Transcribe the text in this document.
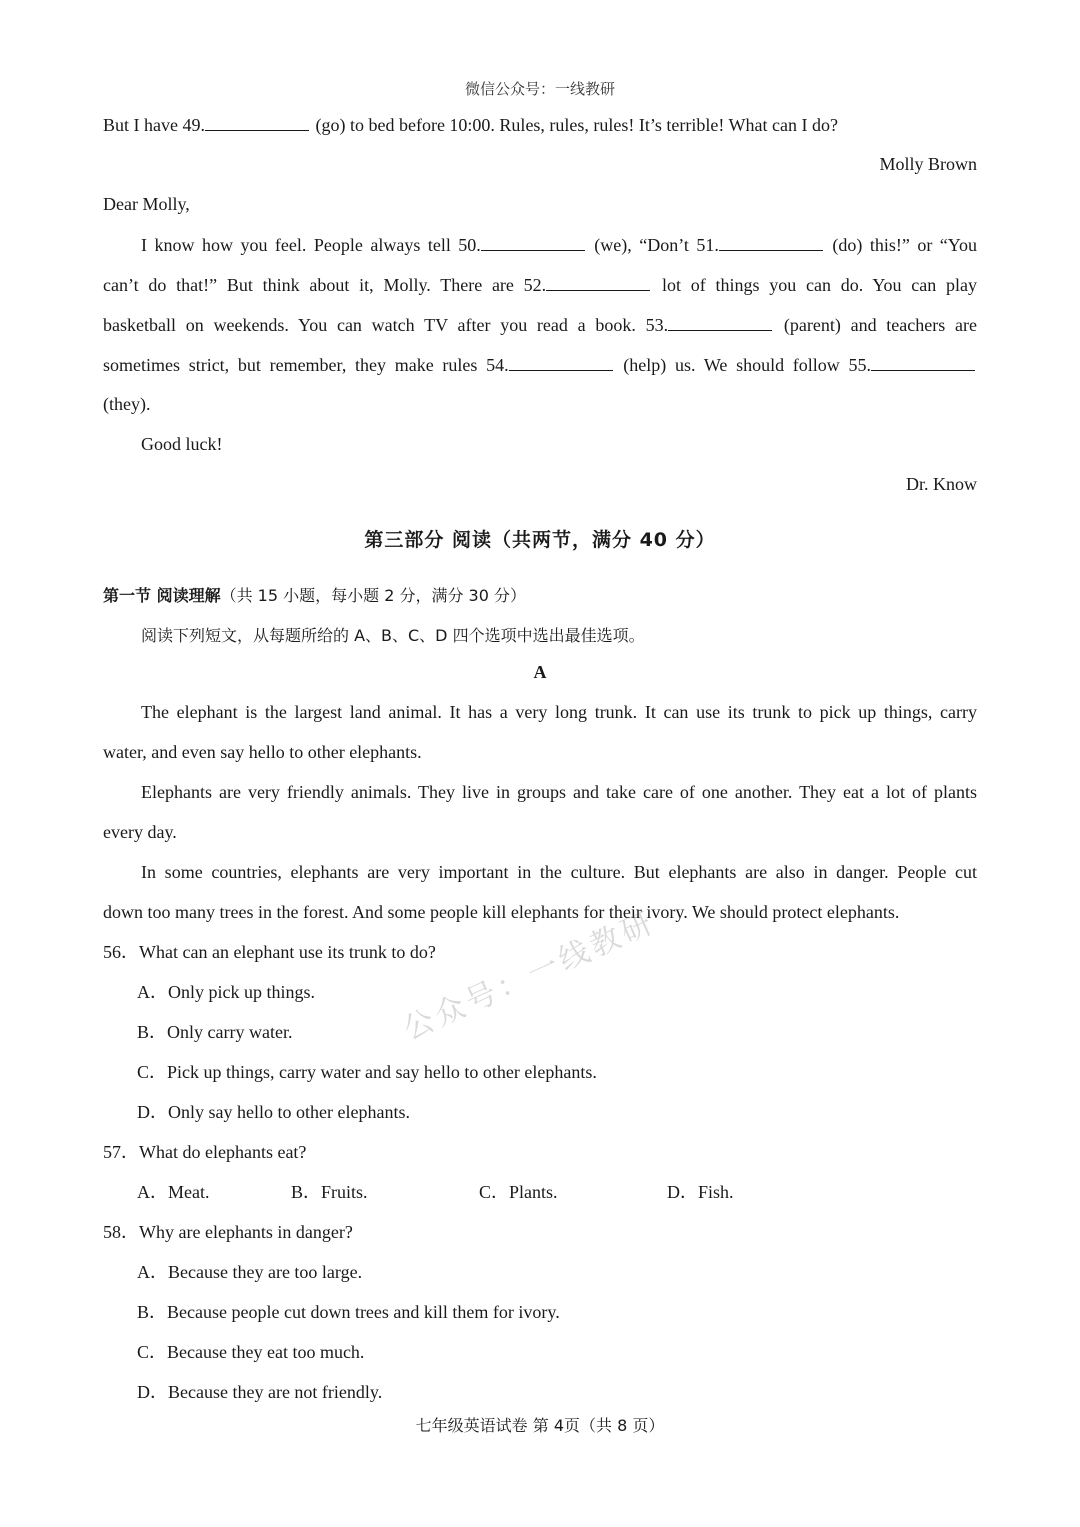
微信公众号：一线教研
But I have 49.	(go) to bed before 10:00. Rules, rules, rules! It’s terrible! What can I do?
Molly Brown
Dear Molly,
I know how you feel. People always tell 50.	(we), “Don’t 51.	(do) this!” or “You
can’t do that!” But think about it, Molly. There are 52.	lot of things you can do. You can play
basketball on weekends. You can watch TV after you read a book. 53.	(parent) and teachers are
sometimes strict, but remember, they make rules 54.	(help) us. We should follow 55.
(they).
Good luck!
Dr. Know
第三部分 阅读（共两节，满分 40 分）
第一节 阅读理解（共 15 小题，每小题 2 分，满分 30 分）
阅读下列短文，从每题所给的 A、B、C、D 四个选项中选出最佳选项。
A
The elephant is the largest land animal. It has a very long trunk. It can use its trunk to pick up things, carry
water, and even say hello to other elephants.
Elephants are very friendly animals. They live in groups and take care of one another. They eat a lot of plants
every day.
In some countries, elephants are very important in the culture. But elephants are also in danger. People cut
down too many trees in the forest. And some people kill elephants for their ivory. We should protect elephants.
56．What can an elephant use its trunk to do?
A．Only pick up things.
B．Only carry water.
C．Pick up things, carry water and say hello to other elephants.
D．Only say hello to other elephants.
57．What do elephants eat?
A．Meat.	B．Fruits.	C．Plants.	D．Fish.
58．Why are elephants in danger?
A．Because they are too large.
B．Because people cut down trees and kill them for ivory.
C．Because they eat too much.
D．Because they are not friendly.
公众号：一线教研
七年级英语试卷 第 4页（共 8 页）
